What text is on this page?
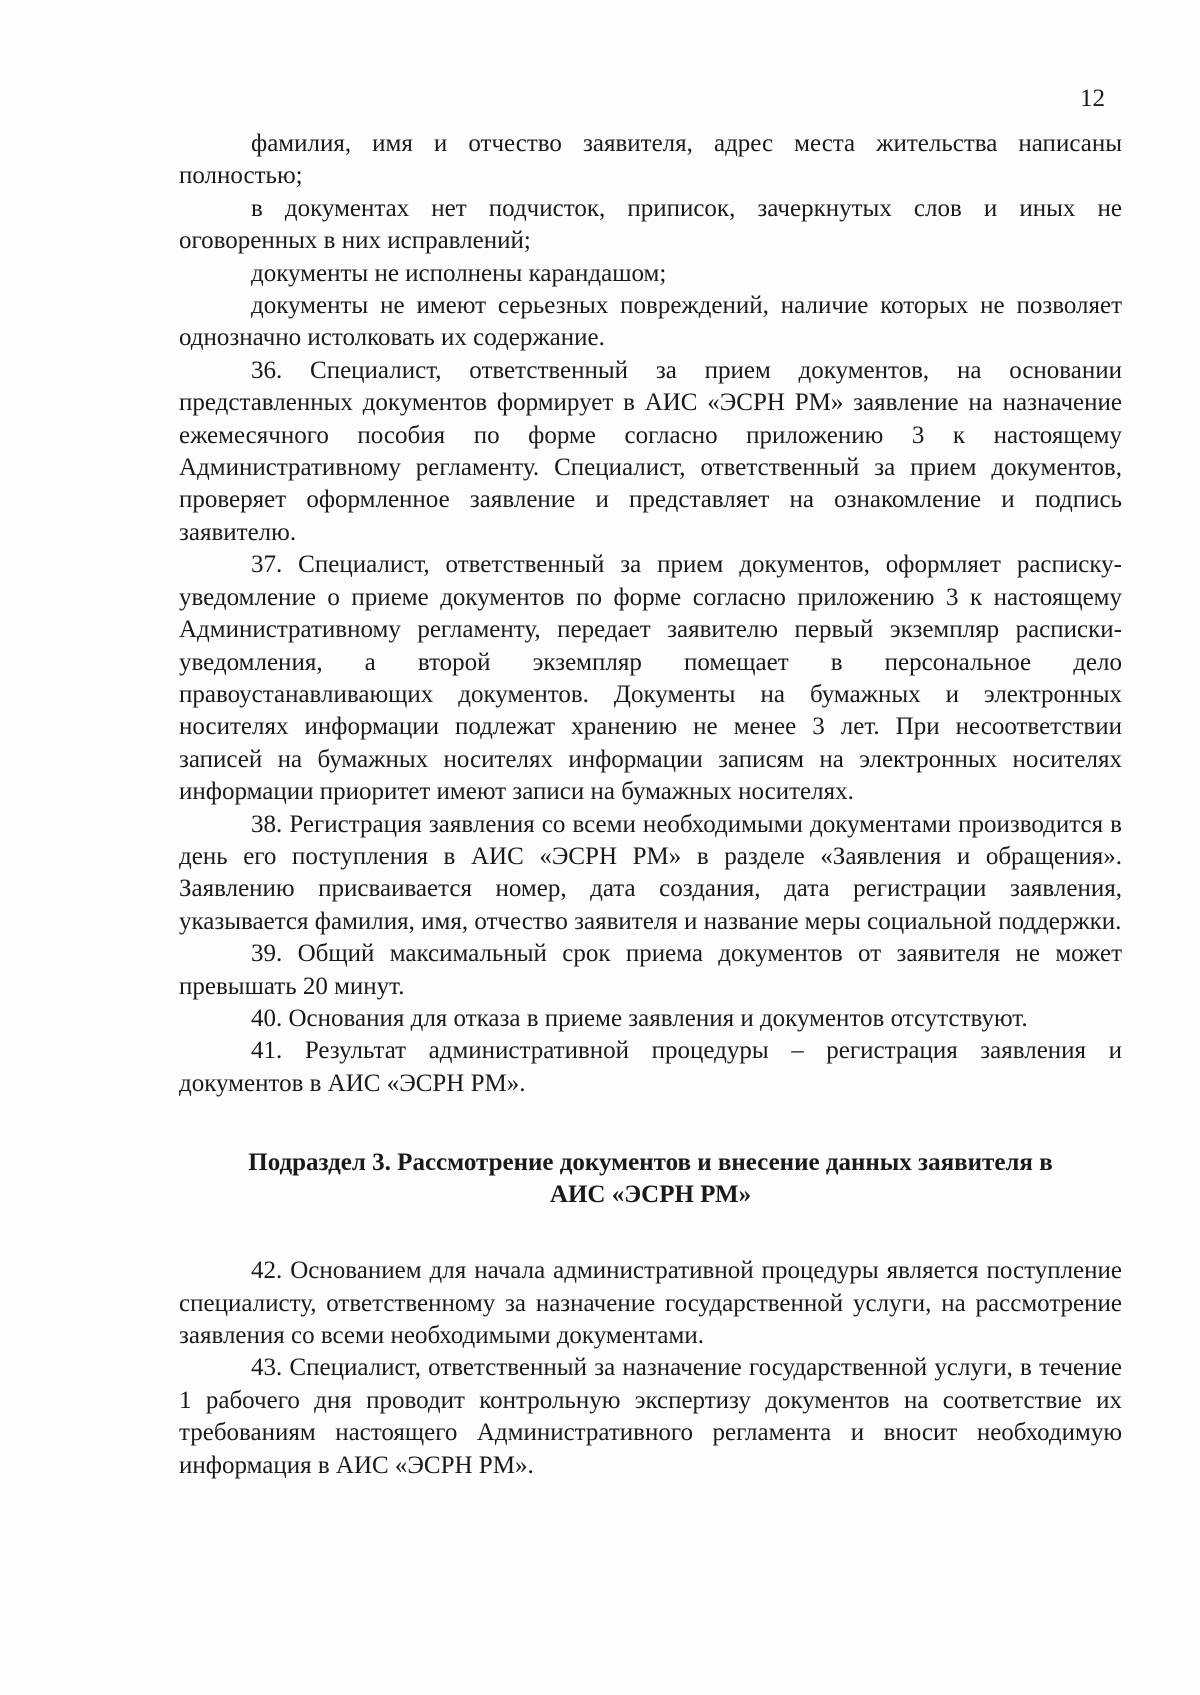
12

фамилия, имя и отчество заявителя, адрес места жительства написаны полностью;

в документах нет подчисток, приписок, зачеркнутых слов и иных не оговоренных в них исправлений;

документы не исполнены карандашом;

документы не имеют серьезных повреждений, наличие которых не позволяет однозначно истолковать их содержание.

36. Специалист, ответственный за прием документов, на основании представленных документов формирует в АИС «ЭСРН РМ» заявление на назначение ежемесячного пособия по форме согласно приложению 3 к настоящему Административному регламенту. Специалист, ответственный за прием документов, проверяет оформленное заявление и представляет на ознакомление и подпись заявителю.

37. Специалист, ответственный за прием документов, оформляет расписку-уведомление о приеме документов по форме согласно приложению 3 к настоящему Административному регламенту, передает заявителю первый экземпляр расписки-уведомления, а второй экземпляр помещает в персональное дело правоустанавливающих документов. Документы на бумажных и электронных носителях информации подлежат хранению не менее 3 лет. При несоответствии записей на бумажных носителях информации записям на электронных носителях информации приоритет имеют записи на бумажных носителях.

38. Регистрация заявления со всеми необходимыми документами производится в день его поступления в АИС «ЭСРН РМ» в разделе «Заявления и обращения». Заявлению присваивается номер, дата создания, дата регистрации заявления, указывается фамилия, имя, отчество заявителя и название меры социальной поддержки.

39. Общий максимальный срок приема документов от заявителя не может превышать 20 минут.

40. Основания для отказа в приеме заявления и документов отсутствуют.

41. Результат административной процедуры – регистрация заявления и документов в АИС «ЭСРН РМ».

Подраздел 3. Рассмотрение документов и внесение данных заявителя в
АИС «ЭСРН РМ»

42. Основанием для начала административной процедуры является поступление специалисту, ответственному за назначение государственной услуги, на рассмотрение заявления со всеми необходимыми документами.

43. Специалист, ответственный за назначение государственной услуги, в течение 1 рабочего дня проводит контрольную экспертизу документов на соответствие их требованиям настоящего Административного регламента и вносит необходимую информация в АИС «ЭСРН РМ».
